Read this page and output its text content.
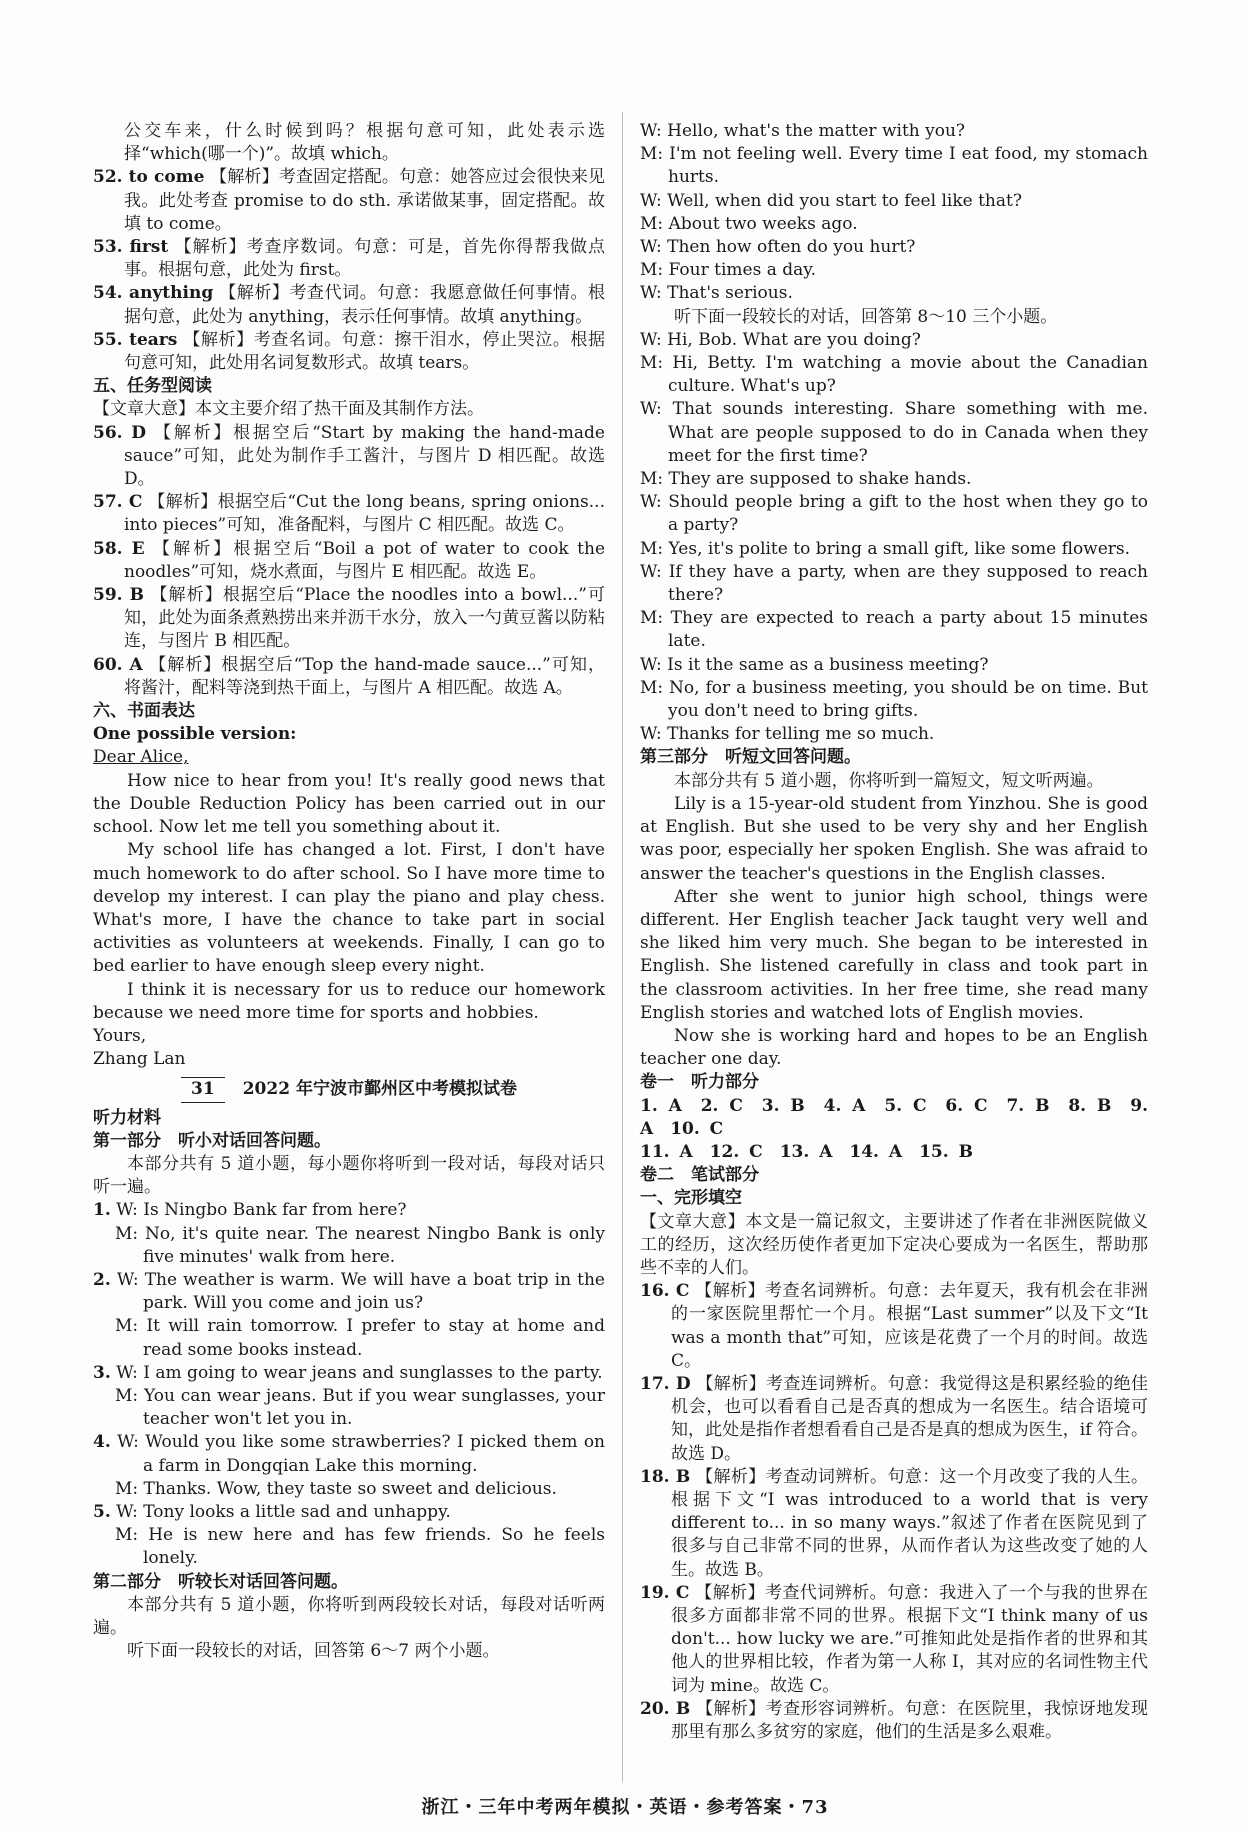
公交车来，什么时候到吗？根据句意可知，此处表示选择“which(哪一个)”。故填 which。

52. to come 【解析】考查固定搭配。句意：她答应过会很快来见我。此处考查 promise to do sth. 承诺做某事，固定搭配。故填 to come。

53. first 【解析】考查序数词。句意：可是，首先你得帮我做点事。根据句意，此处为 first。

54. anything 【解析】考查代词。句意：我愿意做任何事情。根据句意，此处为 anything，表示任何事情。故填 anything。

55. tears 【解析】考查名词。句意：擦干泪水，停止哭泣。根据句意可知，此处用名词复数形式。故填 tears。

五、任务型阅读

【文章大意】本文主要介绍了热干面及其制作方法。

56. D 【解析】根据空后“Start by making the hand-made sauce”可知，此处为制作手工酱汁，与图片 D 相匹配。故选 D。

57. C 【解析】根据空后“Cut the long beans, spring onions... into pieces”可知，准备配料，与图片 C 相匹配。故选 C。

58. E 【解析】根据空后“Boil a pot of water to cook the noodles”可知，烧水煮面，与图片 E 相匹配。故选 E。

59. B 【解析】根据空后“Place the noodles into a bowl...”可知，此处为面条煮熟捞出来并沥干水分，放入一勺黄豆酱以防粘连，与图片 B 相匹配。

60. A 【解析】根据空后“Top the hand-made sauce...”可知，将酱汁，配料等浇到热干面上，与图片 A 相匹配。故选 A。

六、书面表达

One possible version:

Dear Alice,

How nice to hear from you! It's really good news that the Double Reduction Policy has been carried out in our school. Now let me tell you something about it.

My school life has changed a lot. First, I don't have much homework to do after school. So I have more time to develop my interest. I can play the piano and play chess. What's more, I have the chance to take part in social activities as volunteers at weekends. Finally, I can go to bed earlier to have enough sleep every night.

I think it is necessary for us to reduce our homework because we need more time for sports and hobbies.

Yours,

Zhang Lan

31 2022 年宁波市鄞州区中考模拟试卷

听力材料

第一部分　听小对话回答问题。

本部分共有 5 道小题，每小题你将听到一段对话，每段对话只听一遍。

1. W: Is Ningbo Bank far from here?

M: No, it's quite near. The nearest Ningbo Bank is only five minutes' walk from here.

2. W: The weather is warm. We will have a boat trip in the park. Will you come and join us?

M: It will rain tomorrow. I prefer to stay at home and read some books instead.

3. W: I am going to wear jeans and sunglasses to the party.

M: You can wear jeans. But if you wear sunglasses, your teacher won't let you in.

4. W: Would you like some strawberries? I picked them on a farm in Dongqian Lake this morning.

M: Thanks. Wow, they taste so sweet and delicious.

5. W: Tony looks a little sad and unhappy.

M: He is new here and has few friends. So he feels lonely.

第二部分　听较长对话回答问题。

本部分共有 5 道小题，你将听到两段较长对话，每段对话听两遍。

听下面一段较长的对话，回答第 6～7 两个小题。

W: Hello, what's the matter with you?

M: I'm not feeling well. Every time I eat food, my stomach hurts.

W: Well, when did you start to feel like that?

M: About two weeks ago.

W: Then how often do you hurt?

M: Four times a day.

W: That's serious.

听下面一段较长的对话，回答第 8～10 三个小题。

W: Hi, Bob. What are you doing?

M: Hi, Betty. I'm watching a movie about the Canadian culture. What's up?

W: That sounds interesting. Share something with me. What are people supposed to do in Canada when they meet for the first time?

M: They are supposed to shake hands.

W: Should people bring a gift to the host when they go to a party?

M: Yes, it's polite to bring a small gift, like some flowers.

W: If they have a party, when are they supposed to reach there?

M: They are expected to reach a party about 15 minutes late.

W: Is it the same as a business meeting?

M: No, for a business meeting, you should be on time. But you don't need to bring gifts.

W: Thanks for telling me so much.

第三部分　听短文回答问题。

本部分共有 5 道小题，你将听到一篇短文，短文听两遍。

Lily is a 15-year-old student from Yinzhou. She is good at English. But she used to be very shy and her English was poor, especially her spoken English. She was afraid to answer the teacher's questions in the English classes.

After she went to junior high school, things were different. Her English teacher Jack taught very well and she liked him very much. She began to be interested in English. She listened carefully in class and took part in the classroom activities. In her free time, she read many English stories and watched lots of English movies.

Now she is working hard and hopes to be an English teacher one day.

卷一　听力部分

1. A　2. C　3. B　4. A　5. C　6. C　7. B　8. B　9. A　10. C

11. A　12. C　13. A　14. A　15. B

卷二　笔试部分

一、完形填空

【文章大意】本文是一篇记叙文，主要讲述了作者在非洲医院做义工的经历，这次经历使作者更加下定决心要成为一名医生，帮助那些不幸的人们。

16. C 【解析】考查名词辨析。句意：去年夏天，我有机会在非洲的一家医院里帮忙一个月。根据“Last summer”以及下文“It was a month that”可知，应该是花费了一个月的时间。故选 C。

17. D 【解析】考查连词辨析。句意：我觉得这是积累经验的绝佳机会，也可以看看自己是否真的想成为一名医生。结合语境可知，此处是指作者想看看自己是否是真的想成为医生，if 符合。故选 D。

18. B 【解析】考查动词辨析。句意：这一个月改变了我的人生。根据下文“I was introduced to a world that is very different to... in so many ways.”叙述了作者在医院见到了很多与自己非常不同的世界，从而作者认为这些改变了她的人生。故选 B。

19. C 【解析】考查代词辨析。句意：我进入了一个与我的世界在很多方面都非常不同的世界。根据下文“I think many of us don't... how lucky we are.”可推知此处是指作者的世界和其他人的世界相比较，作者为第一人称 I，其对应的名词性物主代词为 mine。故选 C。

20. B 【解析】考查形容词辨析。句意：在医院里，我惊讶地发现那里有那么多贫穷的家庭，他们的生活是多么艰难。

浙江・三年中考两年模拟・英语・参考答案・73
